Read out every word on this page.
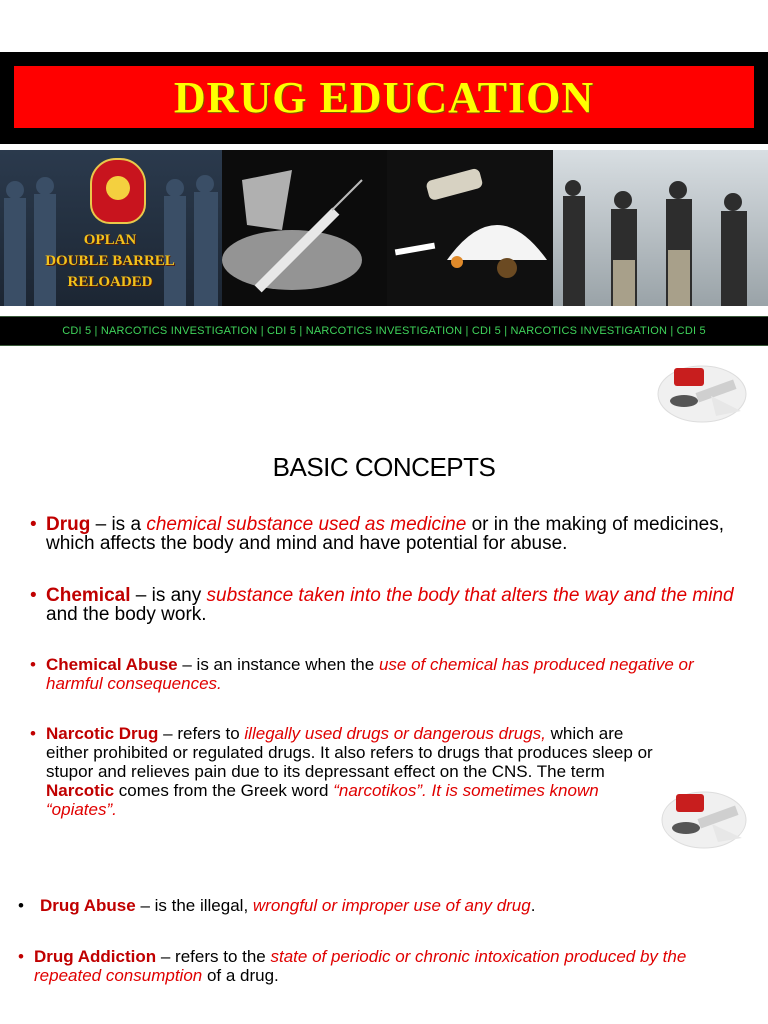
DRUG EDUCATION
OPLAN
DOUBLE BARREL
RELOADED
CDI 5 | NARCOTICS INVESTIGATION | CDI 5 | NARCOTICS INVESTIGATION | CDI 5 | NARCOTICS INVESTIGATION | CDI 5
BASIC CONCEPTS
• Drug – is a chemical substance used as medicine or in the making of medicines, which affects the body and mind and have potential for abuse.
• Chemical – is any substance taken into the body that alters the way and the mind and the body work.
• Chemical Abuse – is an instance when the use of chemical has produced negative or harmful consequences.
• Narcotic Drug – refers to illegally used drugs or dangerous drugs, which are either prohibited or regulated drugs. It also refers to drugs that produces sleep or stupor and relieves pain due to its depressant effect on the CNS. The term Narcotic comes from the Greek word “narcotikos”. It is sometimes known “opiates”.
• Drug Abuse – is the illegal, wrongful or improper use of any drug.
• Drug Addiction – refers to the state of periodic or chronic intoxication produced by the repeated consumption of a drug.
